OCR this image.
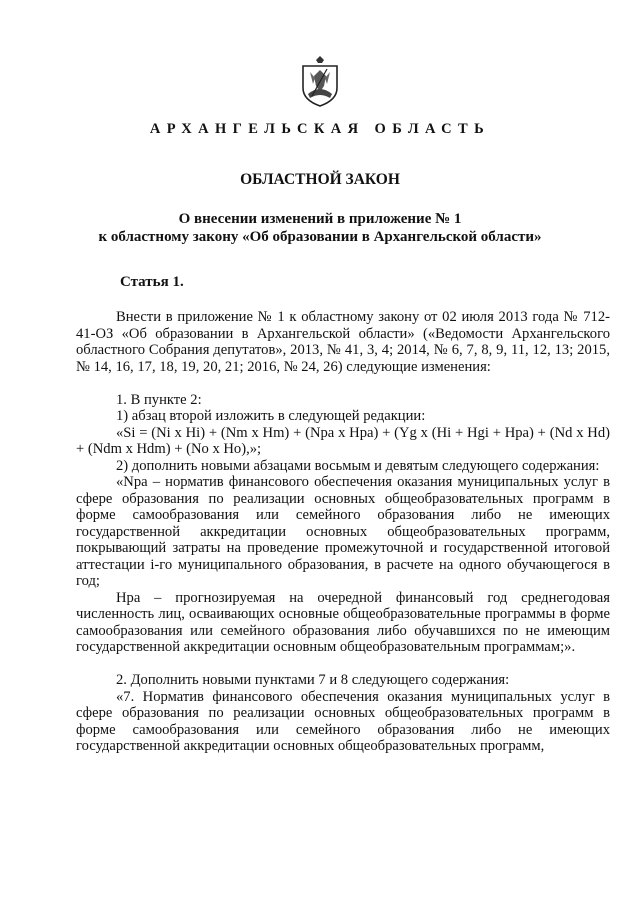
АРХАНГЕЛЬСКАЯ ОБЛАСТЬ
ОБЛАСТНОЙ ЗАКОН
О внесении изменений в приложение № 1
к областному закону «Об образовании в Архангельской области»
Статья 1.

Внести в приложение № 1 к областному закону от 02 июля 2013 года № 712-41-ОЗ «Об образовании в Архангельской области» («Ведомости Архангельского областного Собрания депутатов», 2013, № 41, 3, 4; 2014, № 6, 7, 8, 9, 11, 12, 13; 2015, № 14, 16, 17, 18, 19, 20, 21; 2016, № 24, 26) следующие изменения:

1. В пункте 2:

1) абзац второй изложить в следующей редакции:

«Si = (Ni x Hi) + (Nm x Hm) + (Npa x Hpa) + (Yg x (Hi + Hgi + Hpa) + (Nd x Hd) + (Ndm x Hdm) + (No x Ho),»;

2) дополнить новыми абзацами восьмым и девятым следующего содержания:

«Npa – норматив финансового обеспечения оказания муниципальных услуг в сфере образования по реализации основных общеобразовательных программ в форме самообразования или семейного образования либо не имеющих государственной аккредитации основных общеобразовательных программ, покрывающий затраты на проведение промежуточной и государственной итоговой аттестации i-го муниципального образования, в расчете на одного обучающегося в год;

Hpa – прогнозируемая на очередной финансовый год среднегодовая численность лиц, осваивающих основные общеобразовательные программы в форме самообразования или семейного образования либо обучавшихся по не имеющим государственной аккредитации основным общеобразовательным программам;».

2. Дополнить новыми пунктами 7 и 8 следующего содержания:

«7. Норматив финансового обеспечения оказания муниципальных услуг в сфере образования по реализации основных общеобразовательных программ в форме самообразования или семейного образования либо не имеющих государственной аккредитации основных общеобразовательных программ,
